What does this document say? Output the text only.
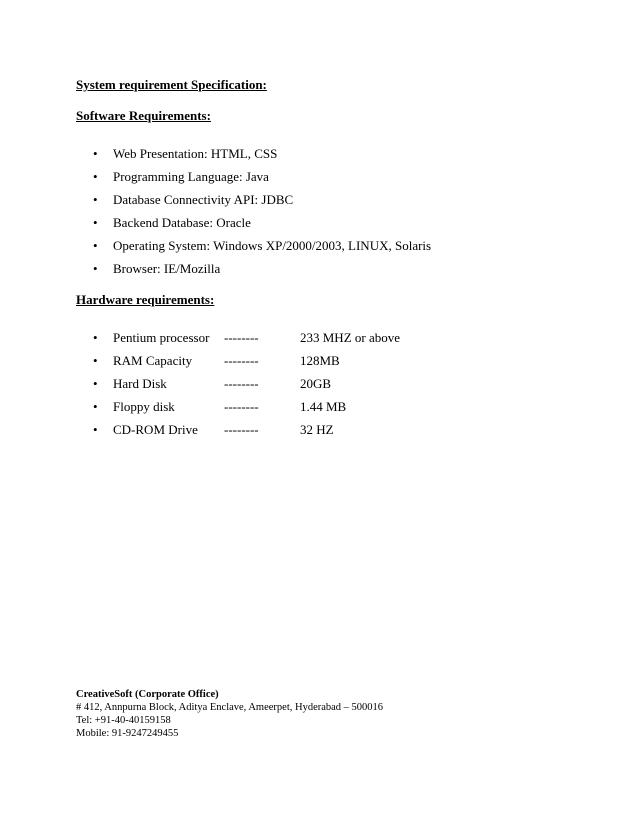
System requirement Specification:
Software Requirements:
• Web Presentation: HTML, CSS
• Programming Language: Java
• Database Connectivity API: JDBC
• Backend Database: Oracle
• Operating System: Windows XP/2000/2003, LINUX, Solaris
• Browser: IE/Mozilla
Hardware requirements:
• Pentium processor --------	233 MHZ or above
• RAM Capacity --------	128MB
• Hard Disk	--------	20GB
• Floppy disk	--------	1.44 MB
• CD-ROM Drive --------	32 HZ
CreativeSoft (Corporate Office)
# 412, Annpurna Block, Aditya Enclave, Ameerpet, Hyderabad – 500016
Tel: +91-40-40159158
Mobile: 91-9247249455
